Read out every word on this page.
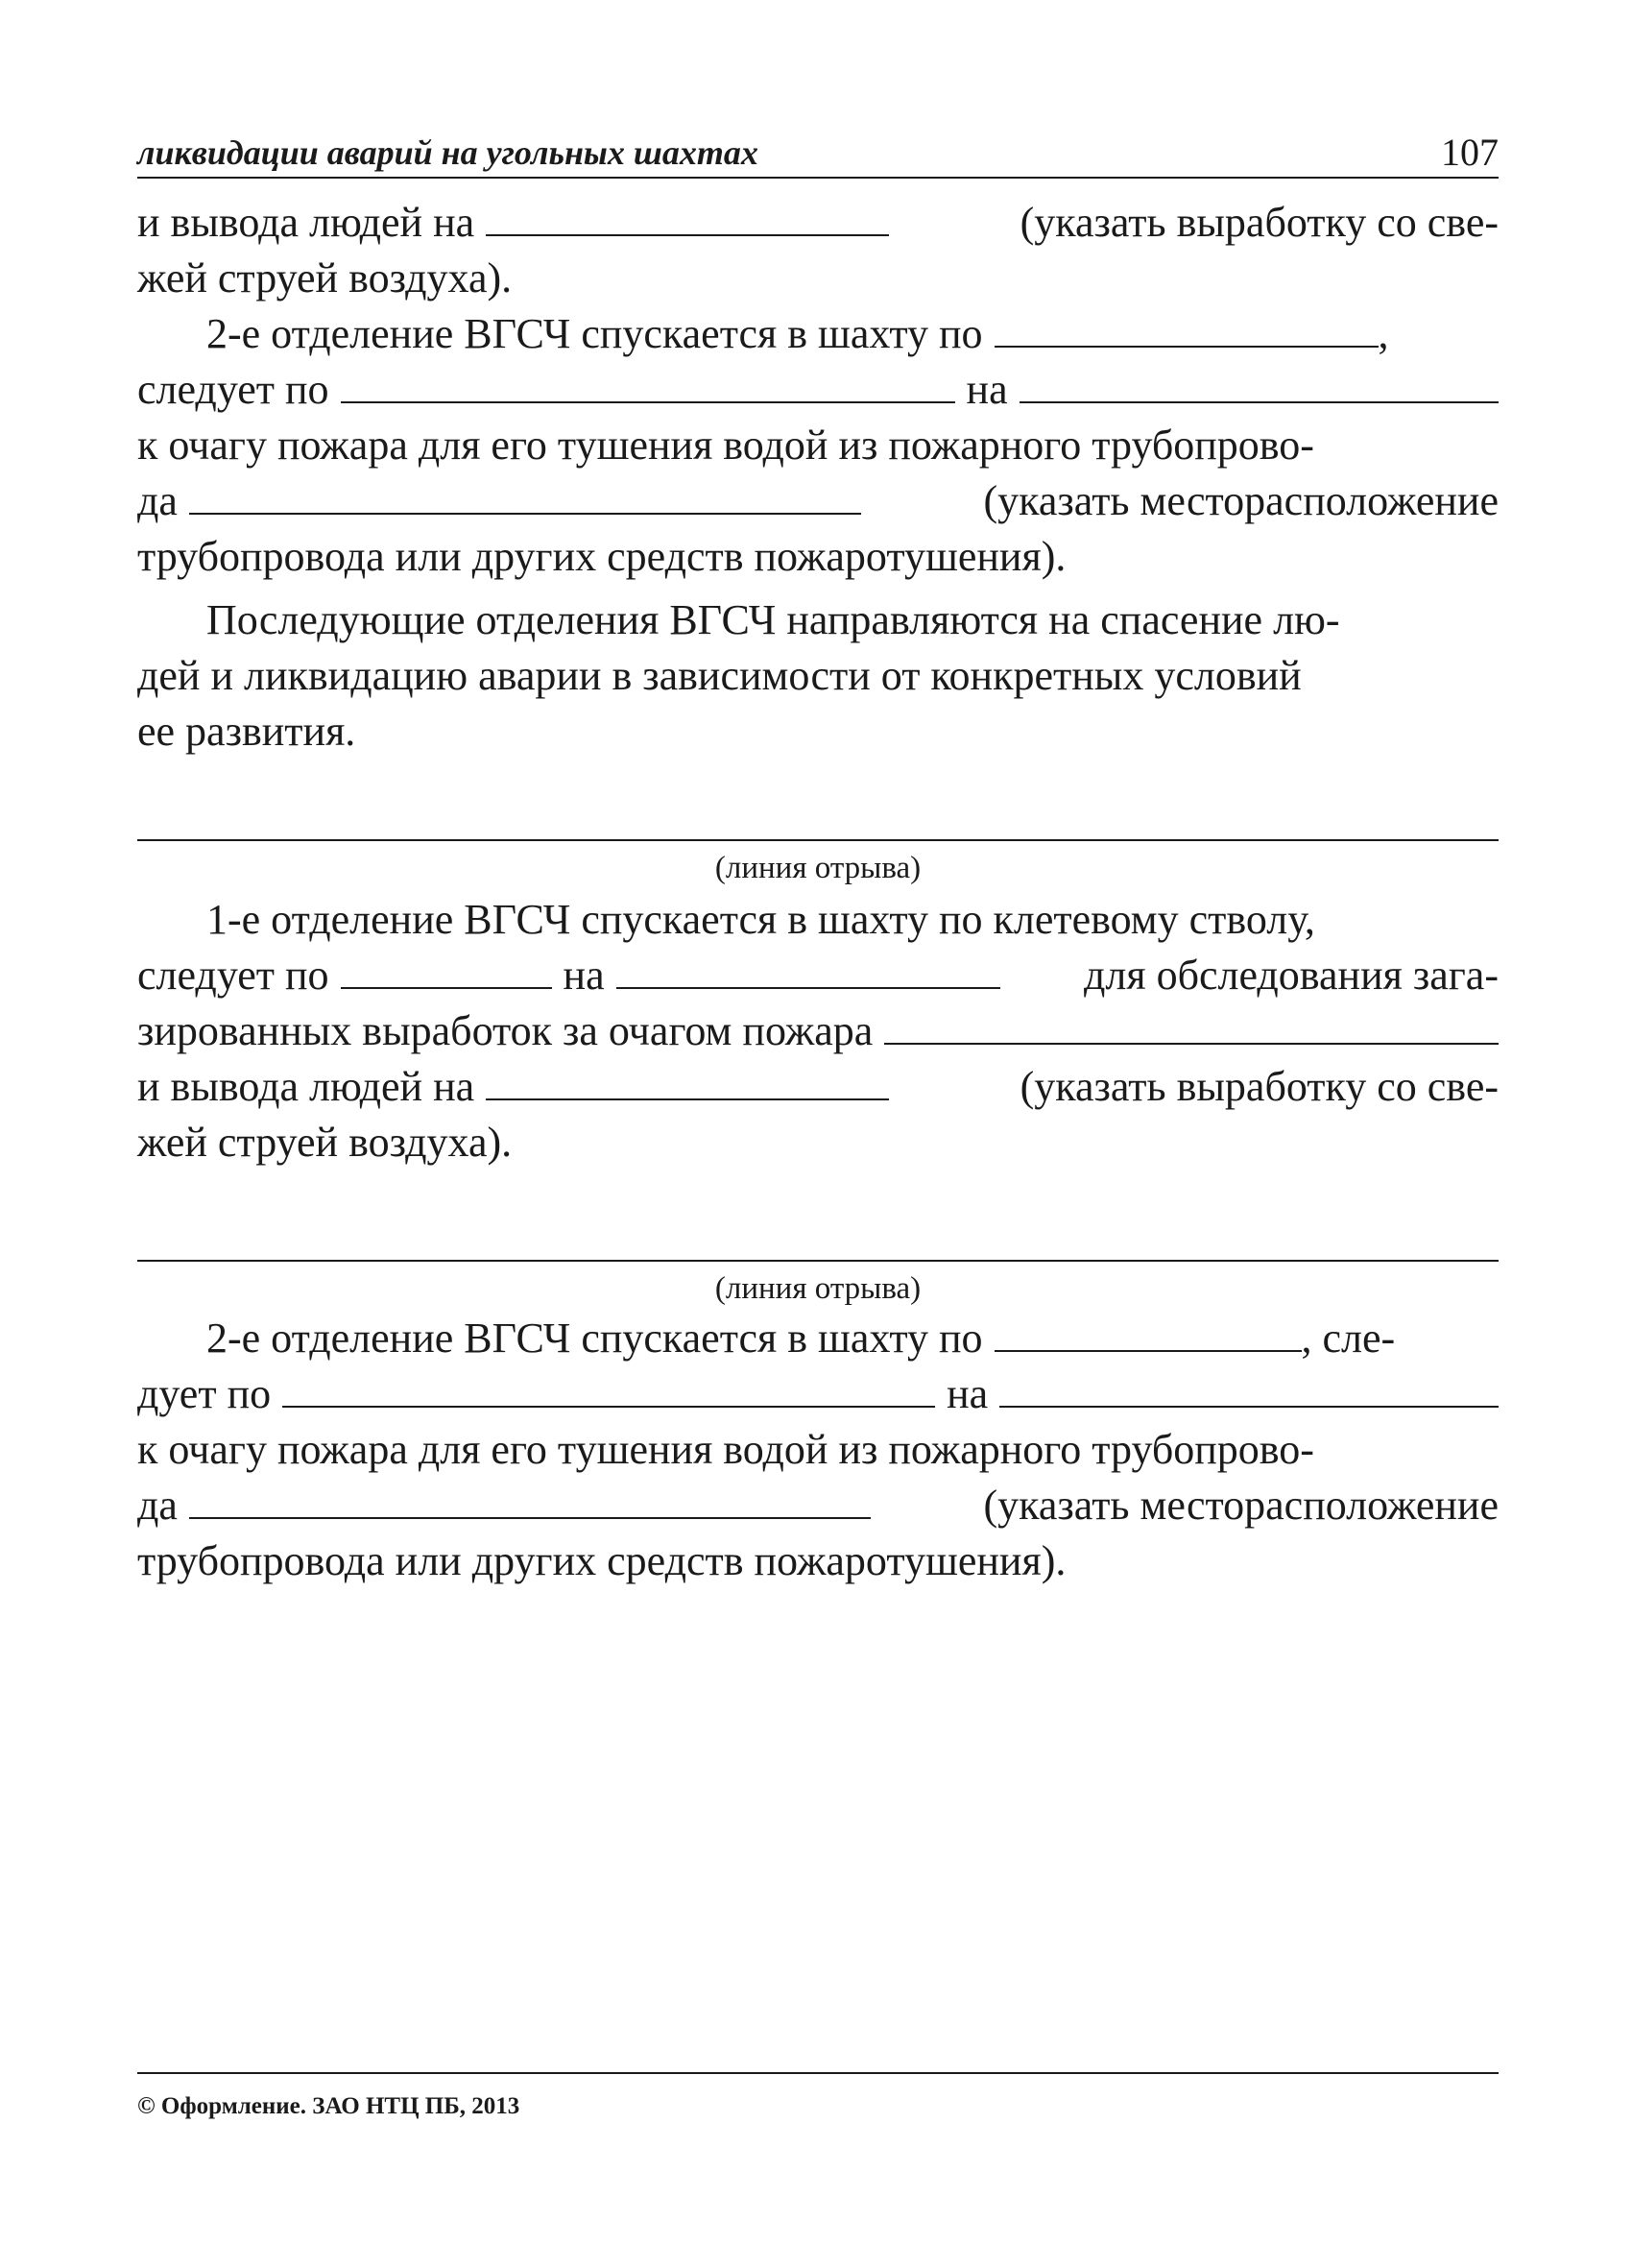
ликвидации аварий на угольных шахтах	107
и вывода людей на	(указать выработку со све-
жей струей воздуха).
2-е отделение ВГСЧ спускается в шахту по	,
следует по	на
к очагу пожара для его тушения водой из пожарного трубопрово-
да	(указать месторасположение
трубопровода или других средств пожаротушения).
Последующие отделения ВГСЧ направляются на спасение лю-
дей и ликвидацию аварии в зависимости от конкретных условий
ее развития.
(линия отрыва)
1-е отделение ВГСЧ спускается в шахту по клетевому стволу,
следует по	на	для обследования зага-
зированных выработок за очагом пожара
и вывода людей на	(указать выработку со све-
жей струей воздуха).
(линия отрыва)
2-е отделение ВГСЧ спускается в шахту по	, сле-
дует по	на
к очагу пожара для его тушения водой из пожарного трубопрово-
да	(указать месторасположение
трубопровода или других средств пожаротушения).
© Оформление. ЗАО НТЦ ПБ, 2013
